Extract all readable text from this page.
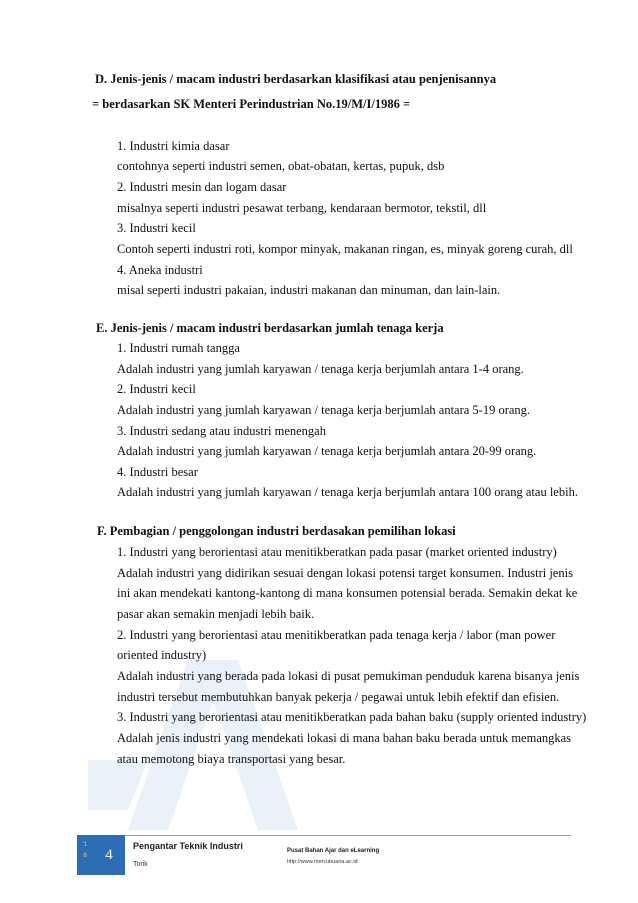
D. Jenis-jenis / macam industri berdasarkan klasifikasi atau penjenisannya
= berdasarkan SK Menteri Perindustrian No.19/M/I/1986 =
1. Industri kimia dasar
contohnya seperti industri semen, obat-obatan, kertas, pupuk, dsb
2. Industri mesin dan logam dasar
misalnya seperti industri pesawat terbang, kendaraan bermotor, tekstil, dll
3. Industri kecil
Contoh seperti industri roti, kompor minyak, makanan ringan, es, minyak goreng curah, dll
4. Aneka industri
misal seperti industri pakaian, industri makanan dan minuman, dan lain-lain.
E. Jenis-jenis / macam industri berdasarkan jumlah tenaga kerja
1. Industri rumah tangga
Adalah industri yang jumlah karyawan / tenaga kerja berjumlah antara 1-4 orang.
2. Industri kecil
Adalah industri yang jumlah karyawan / tenaga kerja berjumlah antara 5-19 orang.
3. Industri sedang atau industri menengah
Adalah industri yang jumlah karyawan / tenaga kerja berjumlah antara 20-99 orang.
4. Industri besar
Adalah industri yang jumlah karyawan / tenaga kerja berjumlah antara 100 orang atau lebih.
F. Pembagian / penggolongan industri berdasakan pemilihan lokasi
1. Industri yang berorientasi atau menitikberatkan pada pasar (market oriented industry)
Adalah industri yang didirikan sesuai dengan lokasi potensi target konsumen. Industri jenis
ini akan mendekati kantong-kantong di mana konsumen potensial berada. Semakin dekat ke
pasar akan semakin menjadi lebih baik.
2. Industri yang berorientasi atau menitikberatkan pada tenaga kerja / labor (man power
oriented industry)
Adalah industri yang berada pada lokasi di pusat pemukiman penduduk karena bisanya jenis
industri tersebut membutuhkan banyak pekerja / pegawai untuk lebih efektif dan efisien.
3. Industri yang berorientasi atau menitikberatkan pada bahan baku (supply oriented industry)
Adalah jenis industri yang mendekati lokasi di mana bahan baku berada untuk memangkas
atau memotong biaya transportasi yang besar.
'1
8	4
Pengantar Teknik Industri
Torik
Pusat Bahan Ajar dan eLearning
http://www.mercubuana.ac.id
